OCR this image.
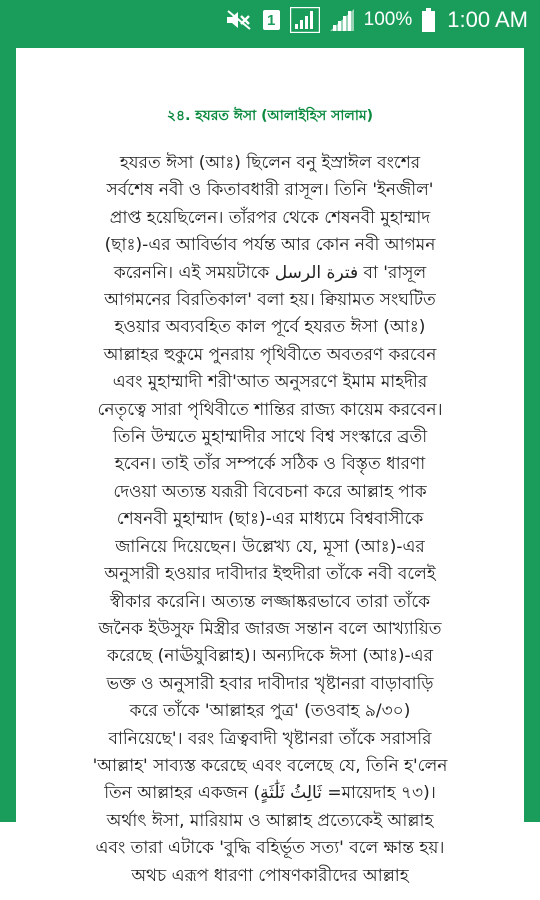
1	100% 1:00 AM
২৪. হযরত ঈসা (আলাইহিস সালাম)
হযরত ঈসা (আঃ) ছিলেন বনু ইস্রাঈল বংশের
সর্বশেষ নবী ও কিতাবধারী রাসূল। তিনি 'ইনজীল'
প্রাপ্ত হয়েছিলেন। তাঁরপর থেকে শেষনবী মুহাম্মাদ
(ছাঃ)-এর আবির্ভাব পর্যন্ত আর কোন নবী আগমন
করেননি। এই সময়টাকে فترة الرسل বা 'রাসূল
আগমনের বিরতিকাল' বলা হয়। ক্বিয়ামত সংঘটিত
হওয়ার অব্যবহিত কাল পূর্বে হযরত ঈসা (আঃ)
আল্লাহর হুকুমে পুনরায় পৃথিবীতে অবতরণ করবেন
এবং মুহাম্মাদী শরী'আত অনুসরণে ইমাম মাহদীর
নেতৃত্বে সারা পৃথিবীতে শান্তির রাজ্য কায়েম করবেন।
তিনি উম্মতে মুহাম্মাদীর সাথে বিশ্ব সংস্কারে ব্রতী
হবেন। তাই তাঁর সম্পর্কে সঠিক ও বিস্তৃত ধারণা
দেওয়া অত্যন্ত যরূরী বিবেচনা করে আল্লাহ পাক
শেষনবী মুহাম্মাদ (ছাঃ)-এর মাধ্যমে বিশ্ববাসীকে
জানিয়ে দিয়েছেন। উল্লেখ্য যে, মূসা (আঃ)-এর
অনুসারী হওয়ার দাবীদার ইহুদীরা তাঁকে নবী বলেই
স্বীকার করেনি। অত্যন্ত লজ্জাষ্করভাবে তারা তাঁকে
জনৈক ইউসুফ মিস্ত্রীর জারজ সন্তান বলে আখ্যায়িত
করেছে (নাঊযুবিল্লাহ)। অন্যদিকে ঈসা (আঃ)-এর
ভক্ত ও অনুসারী হবার দাবীদার খৃষ্টানরা বাড়াবাড়ি
করে তাঁকে 'আল্লাহর পুত্র' (তওবাহ ৯/৩০)
বানিয়েছে'। বরং ত্রিত্ববাদী খৃষ্টানরা তাঁকে সরাসরি
'আল্লাহ' সাব্যস্ত করেছে এবং বলেছে যে, তিনি হ'লেন
তিন আল্লাহর একজন (ثَالِثُ ثَلَٰثَةٍ =মায়েদাহ ৭৩)।
অর্থাৎ ঈসা, মারিয়াম ও আল্লাহ প্রত্যেকেই আল্লাহ
এবং তারা এটাকে 'বুদ্ধি বহির্ভূত সত্য' বলে ক্ষান্ত হয়।
অথচ এরূপ ধারণা পোষণকারীদের আল্লাহ
